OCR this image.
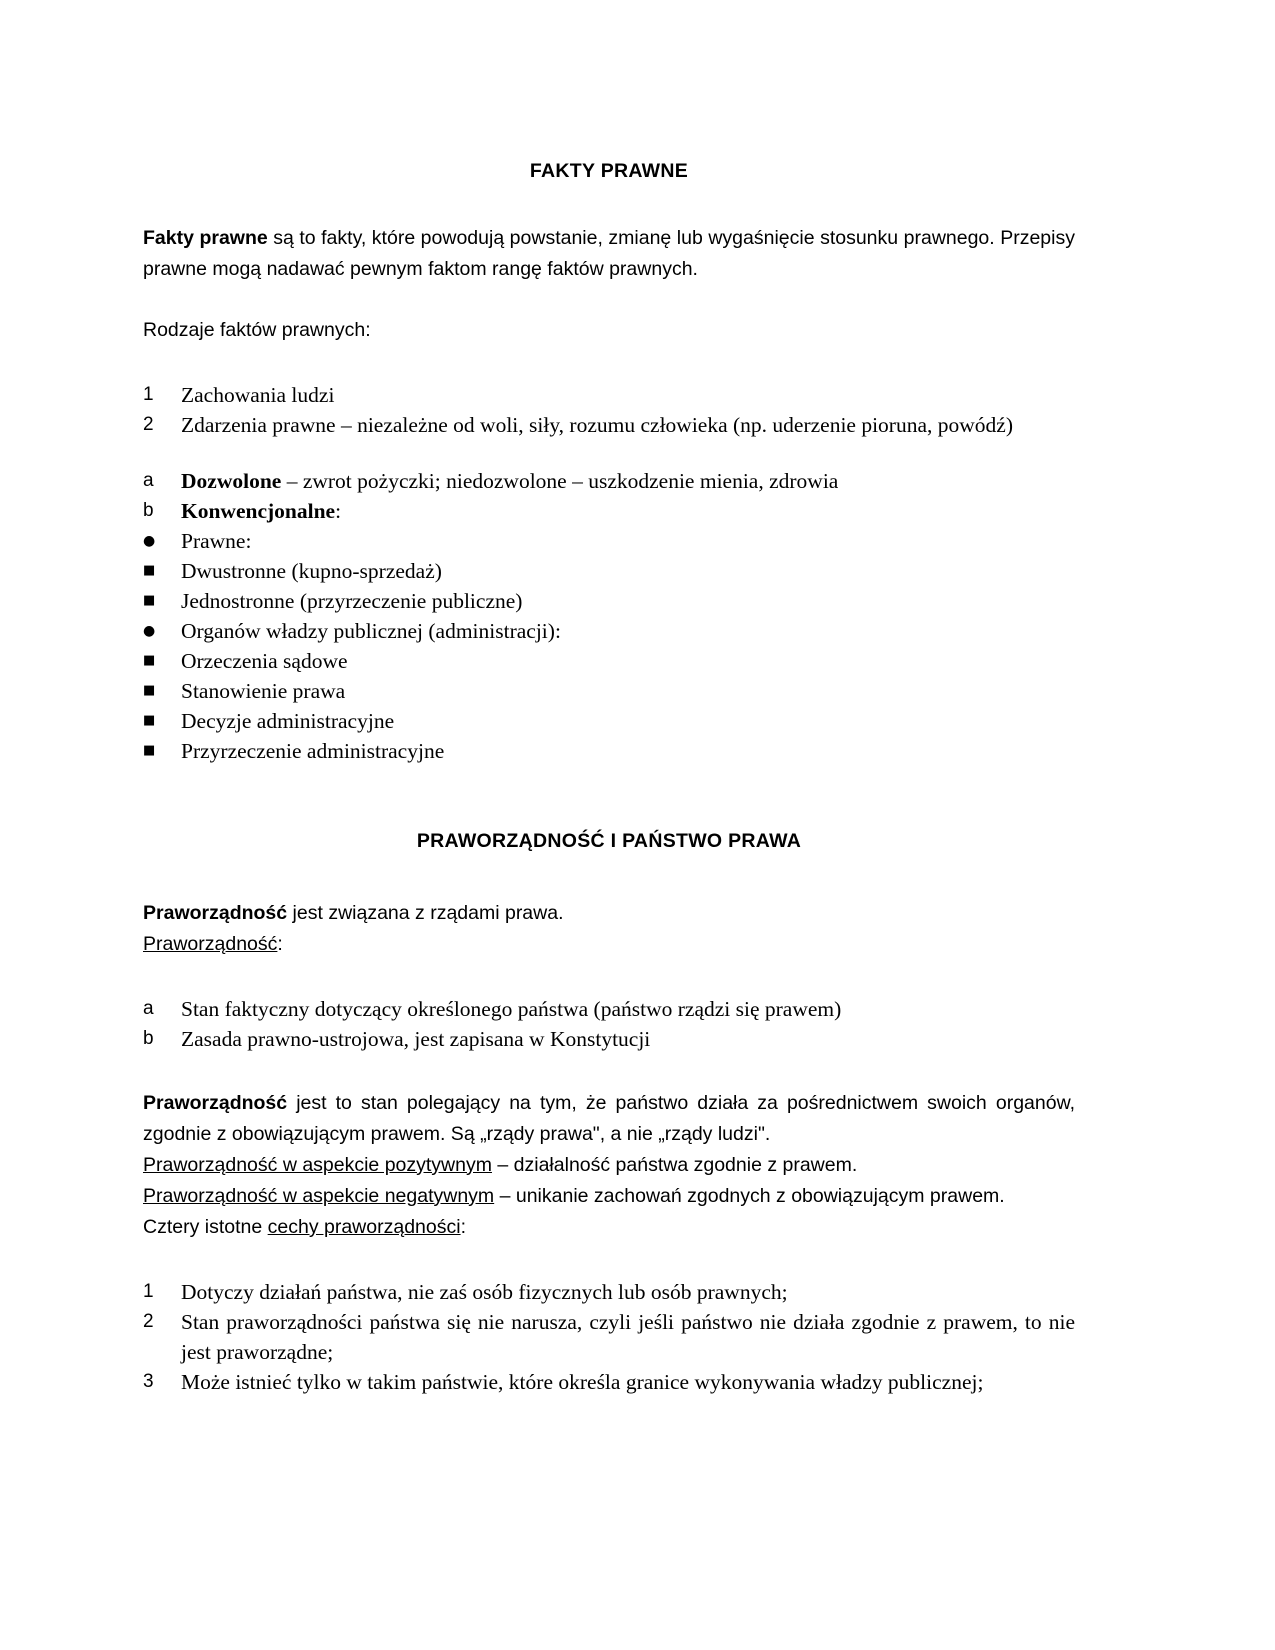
FAKTY PRAWNE

Fakty prawne są to fakty, które powodują powstanie, zmianę lub wygaśnięcie stosunku prawnego. Przepisy prawne mogą nadawać pewnym faktom rangę faktów prawnych.

Rodzaje faktów prawnych:

1	Zachowania ludzi
2	Zdarzenia prawne – niezależne od woli, siły, rozumu człowieka (np. uderzenie pioruna, powódź)
a	Dozwolone – zwrot pożyczki; niedozwolone – uszkodzenie mienia, zdrowia
b	Konwencjonalne:
●	Prawne:
■	Dwustronne (kupno-sprzedaż)
■	Jednostronne (przyrzeczenie publiczne)
●	Organów władzy publicznej (administracji):
■	Orzeczenia sądowe
■	Stanowienie prawa
■	Decyzje administracyjne
■	Przyrzeczenie administracyjne
PRAWORZĄDNOŚĆ I PAŃSTWO PRAWA

Praworządność jest związana z rządami prawa.

Praworządność:

a	Stan faktyczny dotyczący określonego państwa (państwo rządzi się prawem)
b	Zasada prawno-ustrojowa, jest zapisana w Konstytucji

Praworządność jest to stan polegający na tym, że państwo działa za pośrednictwem swoich organów, zgodnie z obowiązującym prawem. Są „rządy prawa", a nie „rządy ludzi".

Praworządność w aspekcie pozytywnym – działalność państwa zgodnie z prawem.

Praworządność w aspekcie negatywnym – unikanie zachowań zgodnych z obowiązującym prawem.

Cztery istotne cechy praworządności:

1	Dotyczy działań państwa, nie zaś osób fizycznych lub osób prawnych;
2	Stan praworządności państwa się nie narusza, czyli jeśli państwo nie działa zgodnie z prawem, to nie jest praworządne;
3	Może istnieć tylko w takim państwie, które określa granice wykonywania władzy publicznej;
